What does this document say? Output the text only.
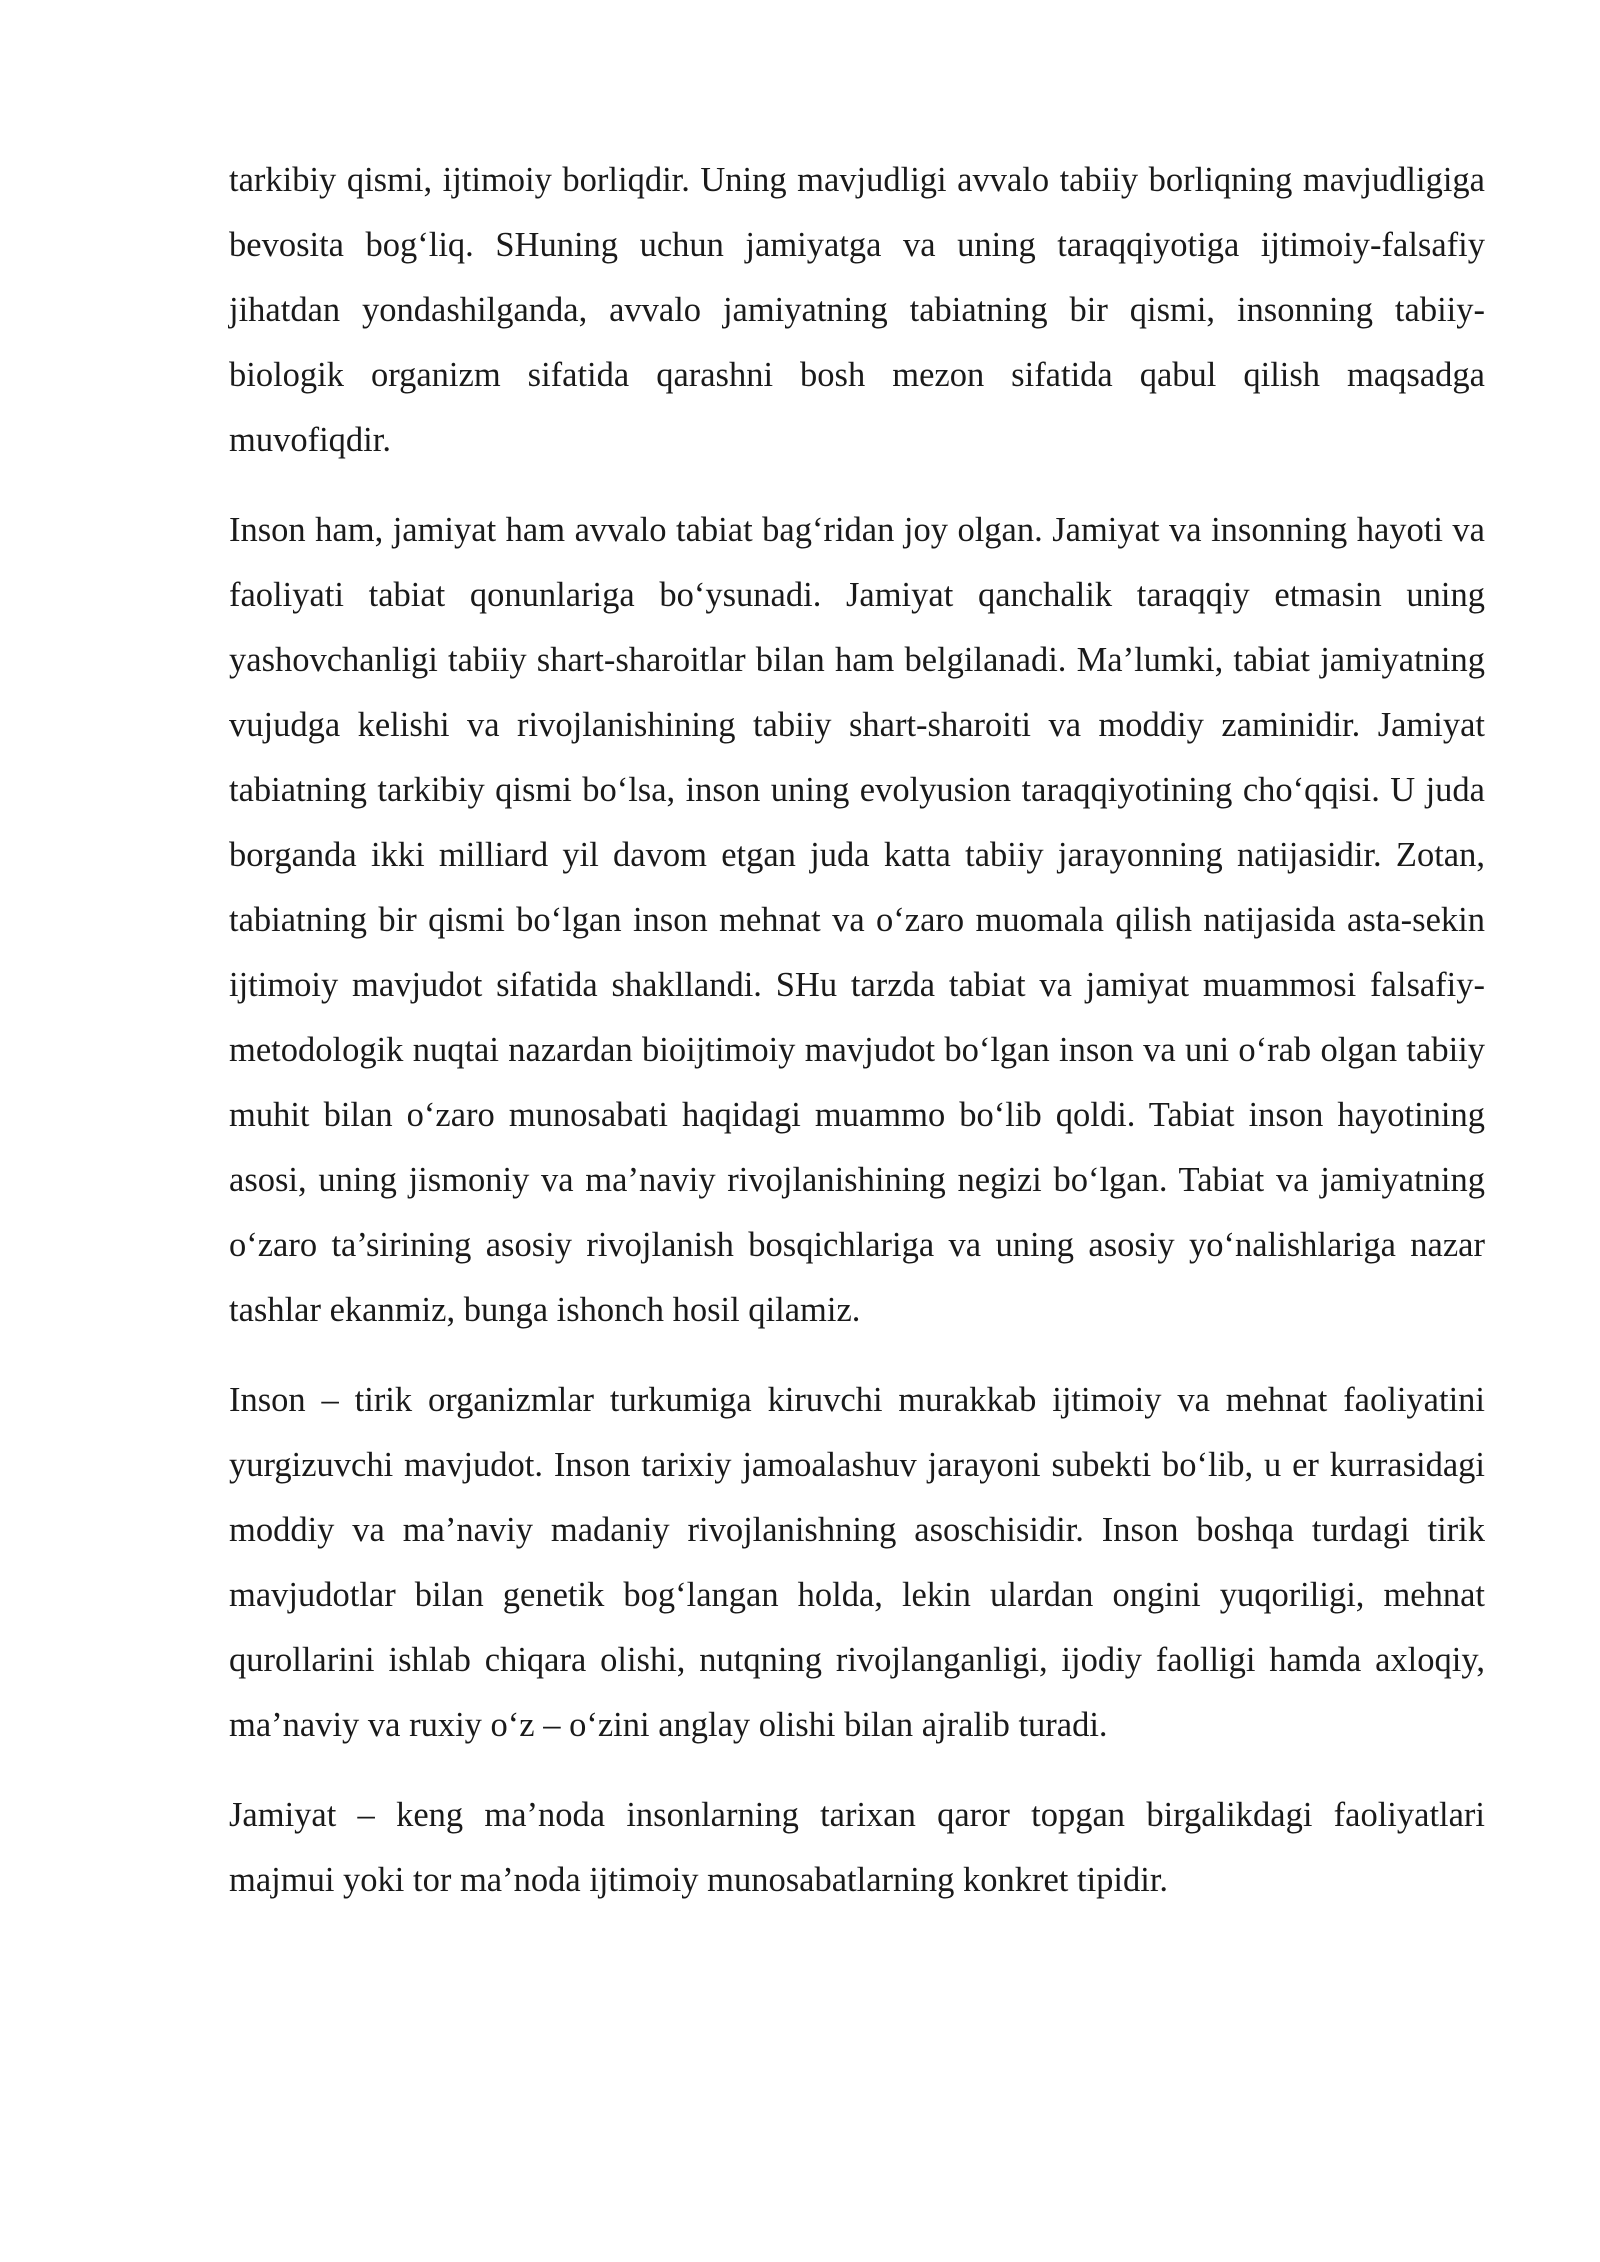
tarkibiy qismi, ijtimoiy borliqdir. Uning mavjudligi avvalo tabiiy borliqning mavjudligiga bevosita bog‘liq. SHuning uchun jamiyatga va uning taraqqiyotiga ijtimoiy-falsafiy jihatdan yondashilganda, avvalo jamiyatning tabiatning bir qismi, insonning tabiiy-biologik organizm sifatida qarashni bosh mezon sifatida qabul qilish maqsadga muvofiqdir.

Inson ham, jamiyat ham avvalo tabiat bag‘ridan joy olgan. Jamiyat va insonning hayoti va faoliyati tabiat qonunlariga bo‘ysunadi. Jamiyat qanchalik taraqqiy etmasin uning yashovchanligi tabiiy shart-sharoitlar bilan ham belgilanadi. Ma’lumki, tabiat jamiyatning vujudga kelishi va rivojlanishining tabiiy shart-sharoiti va moddiy zaminidir. Jamiyat tabiatning tarkibiy qismi bo‘lsa, inson uning evolyusion taraqqiyotining cho‘qqisi. U juda borganda ikki milliard yil davom etgan juda katta tabiiy jarayonning natijasidir. Zotan, tabiatning bir qismi bo‘lgan inson mehnat va o‘zaro muomala qilish natijasida asta-sekin ijtimoiy mavjudot sifatida shakllandi. SHu tarzda tabiat va jamiyat muammosi falsafiy-metodologik nuqtai nazardan bioijtimoiy mavjudot bo‘lgan inson va uni o‘rab olgan tabiiy muhit bilan o‘zaro munosabati haqidagi muammo bo‘lib qoldi. Tabiat inson hayotining asosi, uning jismoniy va ma’naviy rivojlanishining negizi bo‘lgan. Tabiat va jamiyatning o‘zaro ta’sirining asosiy rivojlanish bosqichlariga va uning asosiy yo‘nalishlariga nazar tashlar ekanmiz, bunga ishonch hosil qilamiz.

Inson – tirik organizmlar turkumiga kiruvchi murakkab ijtimoiy va mehnat faoliyatini yurgizuvchi mavjudot. Inson tarixiy jamoalashuv jarayoni subekti bo‘lib, u er kurrasidagi moddiy va ma’naviy madaniy rivojlanishning asoschisidir. Inson boshqa turdagi tirik mavjudotlar bilan genetik bog‘langan holda, lekin ulardan ongini yuqoriligi, mehnat qurollarini ishlab chiqara olishi, nutqning rivojlanganligi, ijodiy faolligi hamda axloqiy, ma’naviy va ruxiy o‘z – o‘zini anglay olishi bilan ajralib turadi.

Jamiyat – keng ma’noda insonlarning tarixan qaror topgan birgalikdagi faoliyatlari majmui yoki tor ma’noda ijtimoiy munosabatlarning konkret tipidir.
